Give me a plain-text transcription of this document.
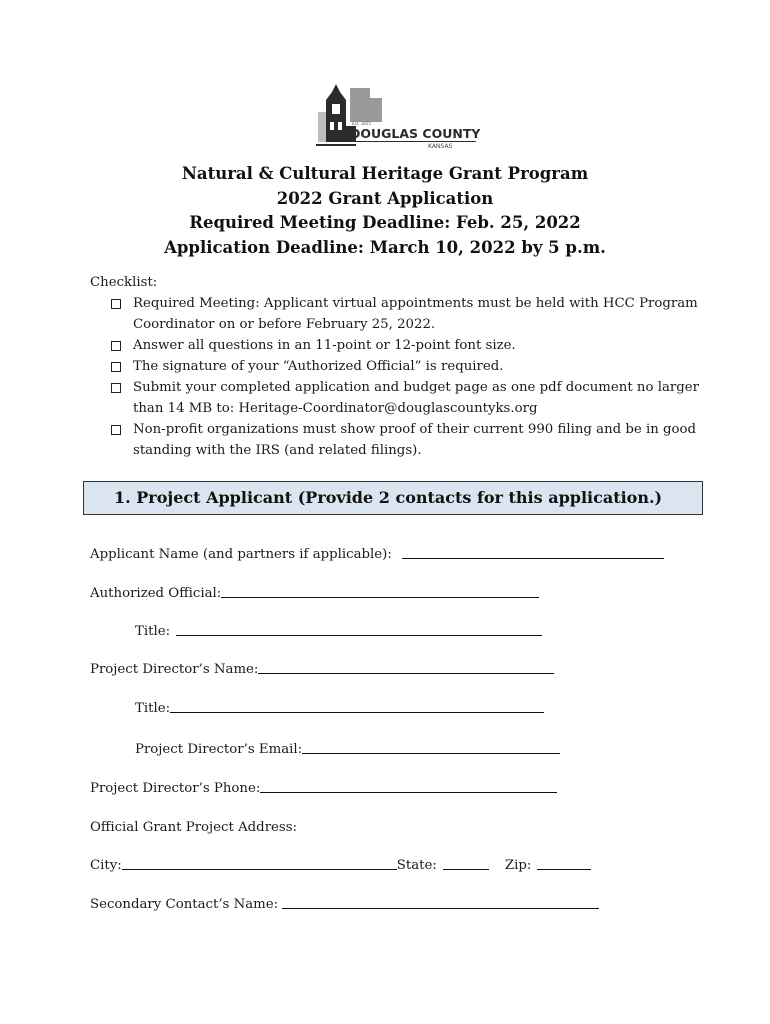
Est. 1855
DOUGLAS COUNTY
KANSAS
Natural & Cultural Heritage Grant Program
2022 Grant Application
Required Meeting Deadline: Feb. 25, 2022
Application Deadline: March 10, 2022 by 5 p.m.
Checklist:
Required Meeting: Applicant virtual appointments must be held with HCC Program Coordinator on or before February 25, 2022.
Answer all questions in an 11-point or 12-point font size.
The signature of your “Authorized Official” is required.
Submit your completed application and budget page as one pdf document no larger than 14 MB to: Heritage-Coordinator@douglascountyks.org
Non-profit organizations must show proof of their current 990 filing and be in good standing with the IRS (and related filings).
1. Project Applicant (Provide 2 contacts for this application.)
Applicant Name (and partners if applicable):
Authorized Official:
Title:
Project Director’s Name:
Title:
Project Director’s Email:
Project Director’s Phone:
Official Grant Project Address:
City:	State:	Zip:
Secondary Contact’s Name:
